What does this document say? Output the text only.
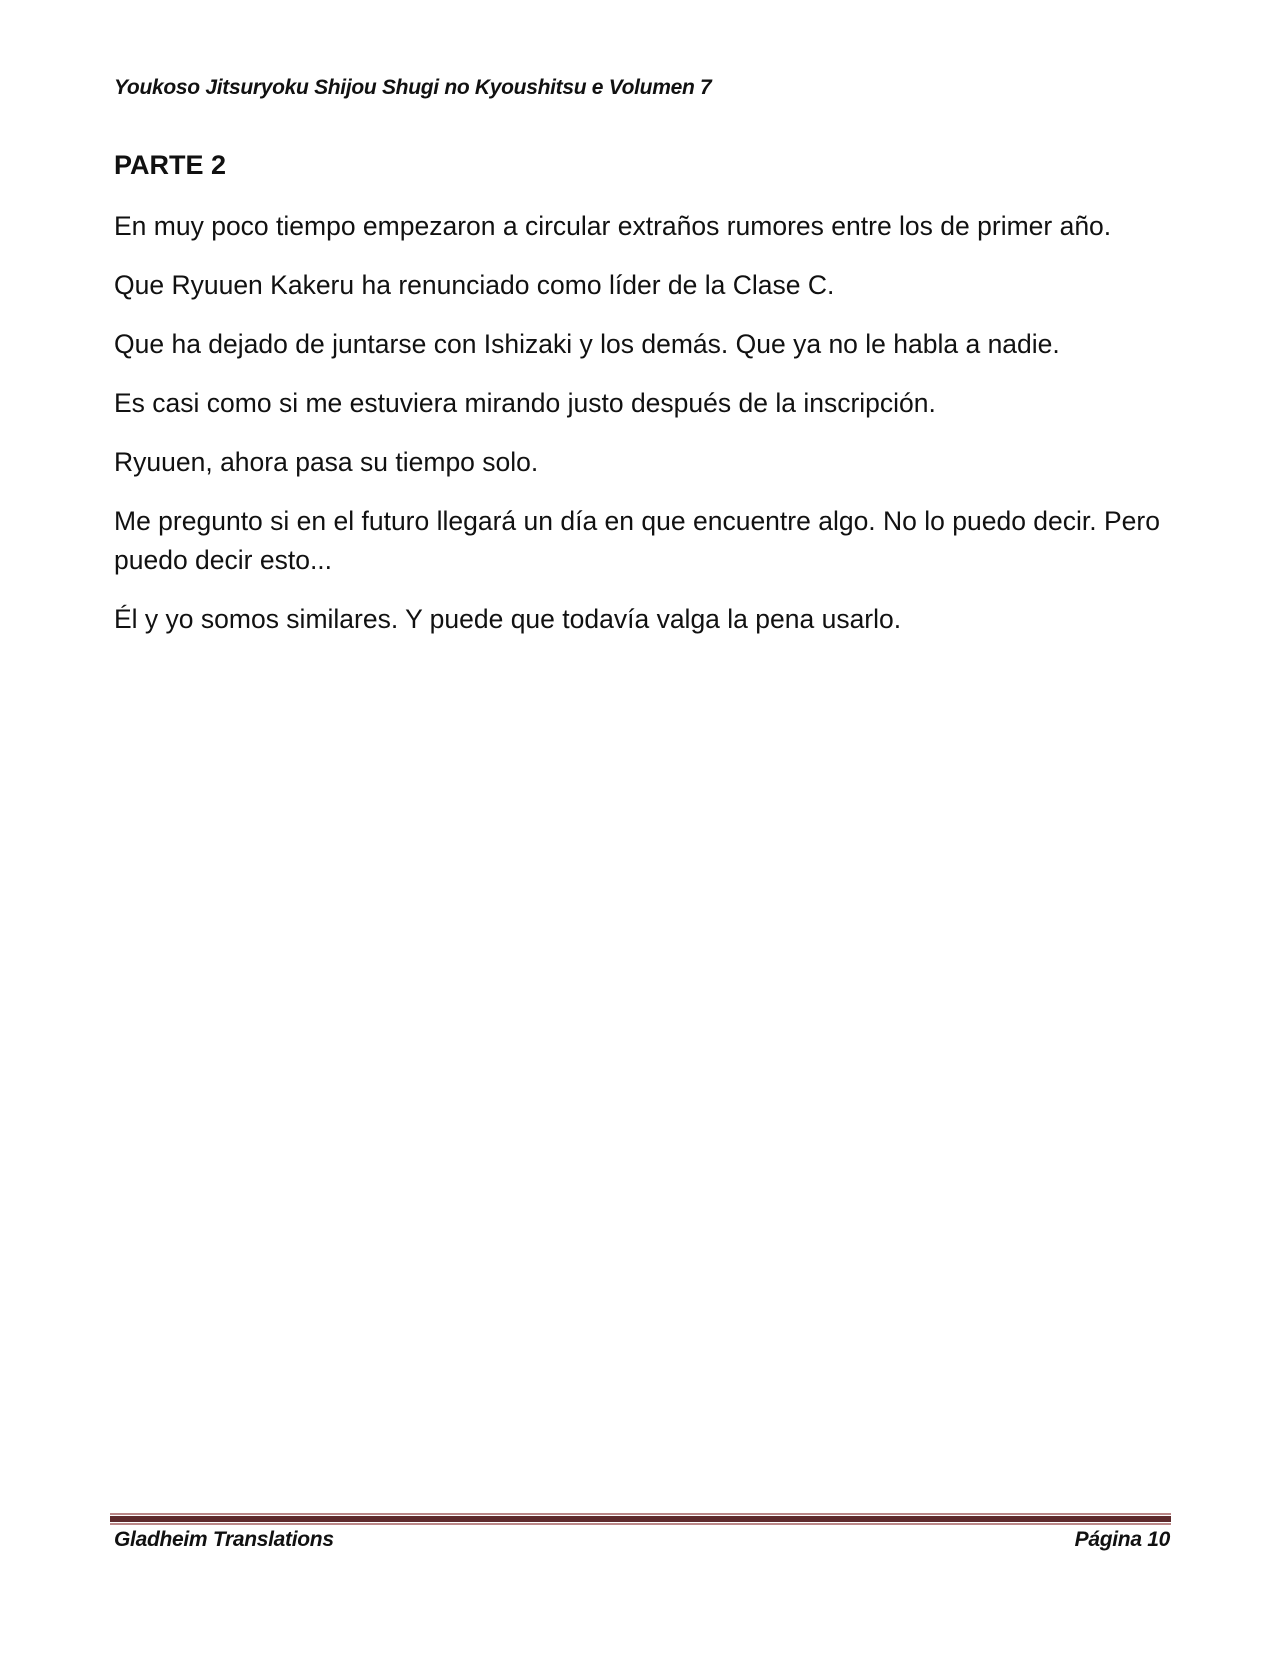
Youkoso Jitsuryoku Shijou Shugi no Kyoushitsu e Volumen 7
PARTE 2

En muy poco tiempo empezaron a circular extraños rumores entre los de primer año.

Que Ryuuen Kakeru ha renunciado como líder de la Clase C.

Que ha dejado de juntarse con Ishizaki y los demás. Que ya no le habla a nadie.

Es casi como si me estuviera mirando justo después de la inscripción.

Ryuuen, ahora pasa su tiempo solo.

Me pregunto si en el futuro llegará un día en que encuentre algo. No lo puedo decir. Pero puedo decir esto...

Él y yo somos similares. Y puede que todavía valga la pena usarlo.

Gladheim Translations	Página 10
